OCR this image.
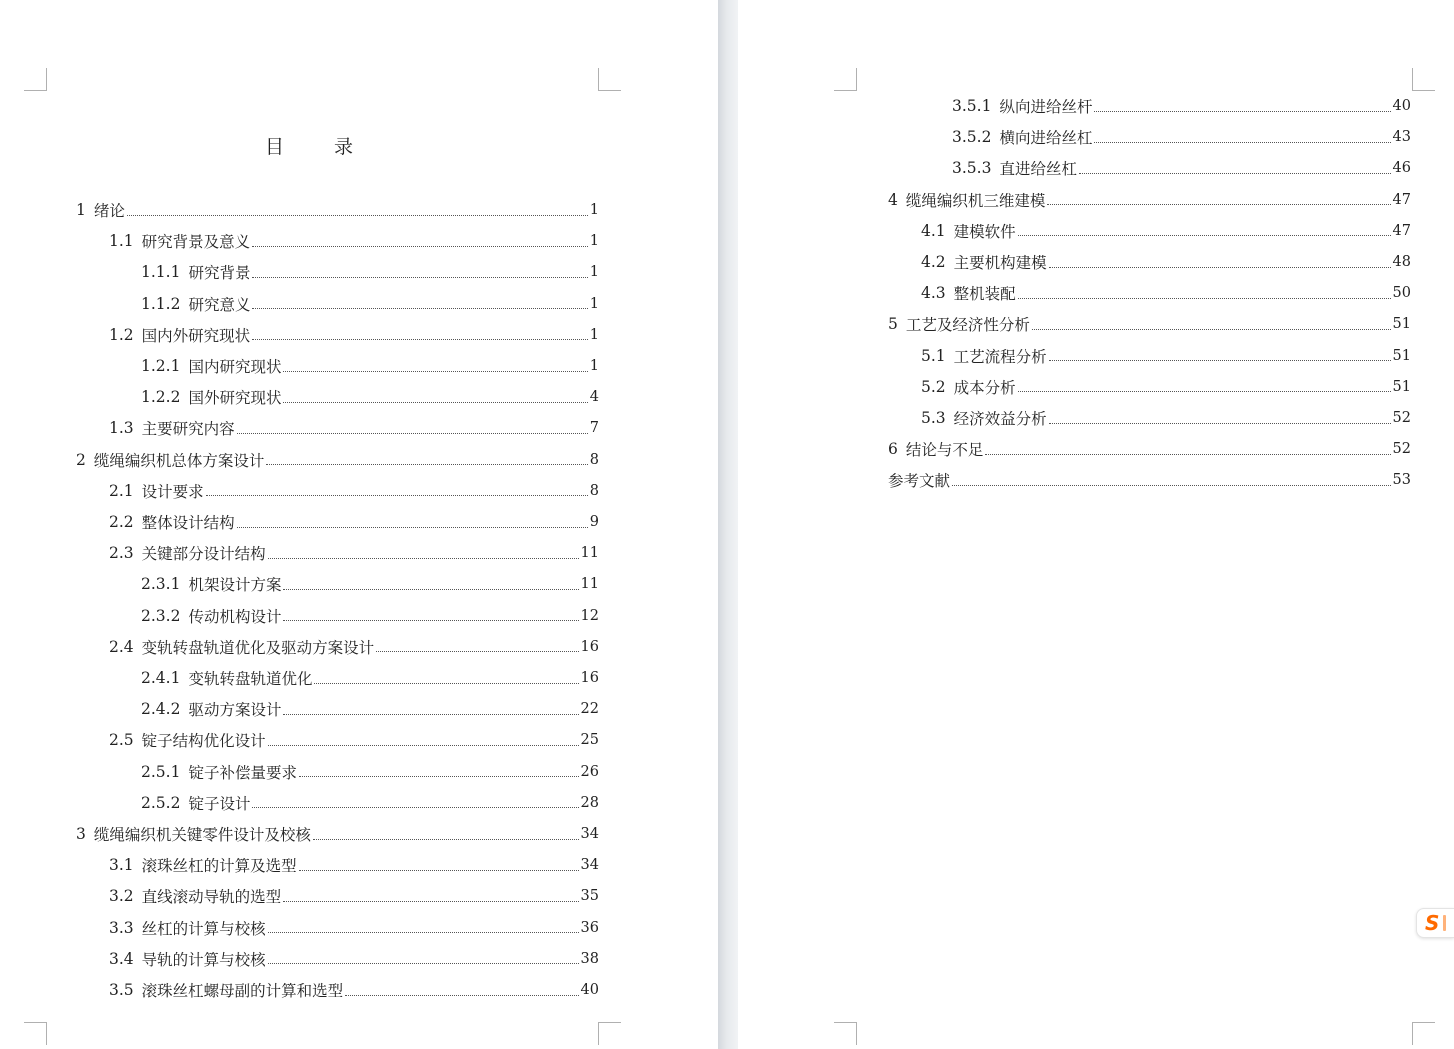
目 录
1 绪论	1
1.1 研究背景及意义	1
1.1.1 研究背景	1
1.1.2 研究意义	1
1.2 国内外研究现状	1
1.2.1 国内研究现状	1
1.2.2 国外研究现状	4
1.3 主要研究内容	7
2 缆绳编织机总体方案设计	8
2.1 设计要求	8
2.2 整体设计结构	9
2.3 关键部分设计结构	11
2.3.1 机架设计方案	11
2.3.2 传动机构设计	12
2.4 变轨转盘轨道优化及驱动方案设计	16
2.4.1 变轨转盘轨道优化	16
2.4.2 驱动方案设计	22
2.5 锭子结构优化设计	25
2.5.1 锭子补偿量要求	26
2.5.2 锭子设计	28
3 缆绳编织机关键零件设计及校核	34
3.1 滚珠丝杠的计算及选型	34
3.2 直线滚动导轨的选型	35
3.3 丝杠的计算与校核	36
3.4 导轨的计算与校核	38
3.5 滚珠丝杠螺母副的计算和选型	40
3.5.1 纵向进给丝杆	40
3.5.2 横向进给丝杠	43
3.5.3 直进给丝杠	46
4 缆绳编织机三维建模	47
4.1 建模软件	47
4.2 主要机构建模	48
4.3 整机装配	50
5 工艺及经济性分析	51
5.1 工艺流程分析	51
5.2 成本分析	51
5.3 经济效益分析	52
6 结论与不足	52
参考文献	53
S
